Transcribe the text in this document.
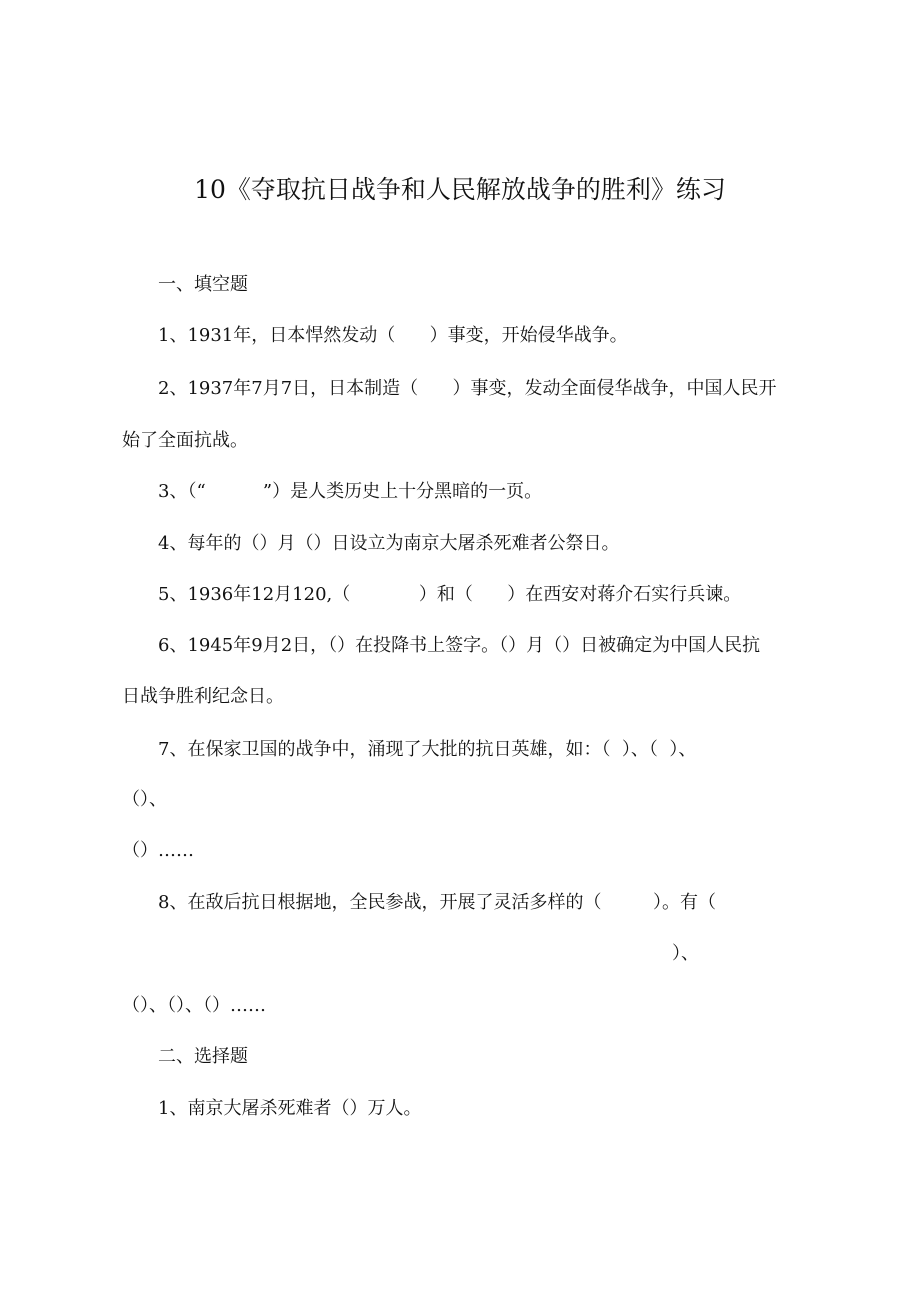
10《夺取抗日战争和人民解放战争的胜利》练习
一、填空题
1、1931年，日本悍然发动（      ）事变，开始侵华战争。
2、1937年7月7日，日本制造（      ）事变，发动全面侵华战争，中国人民开
始了全面抗战。
3、（“          ”）是人类历史上十分黑暗的一页。
4、每年的（）月（）日设立为南京大屠杀死难者公祭日。
5、1936年12月120,（            ）和（      ）在西安对蒋介石实行兵谏。
6、1945年9月2日，（）在投降书上签字。（）月（）日被确定为中国人民抗
日战争胜利纪念日。
7、在保家卫国的战争中，涌现了大批的抗日英雄，如：（  ）、（  ）、
（）、
（）……
8、在敌后抗日根据地，全民参战，开展了灵活多样的（         ）。有（
）、
（）、（）、（）……
二、选择题
1、南京大屠杀死难者（）万人。
